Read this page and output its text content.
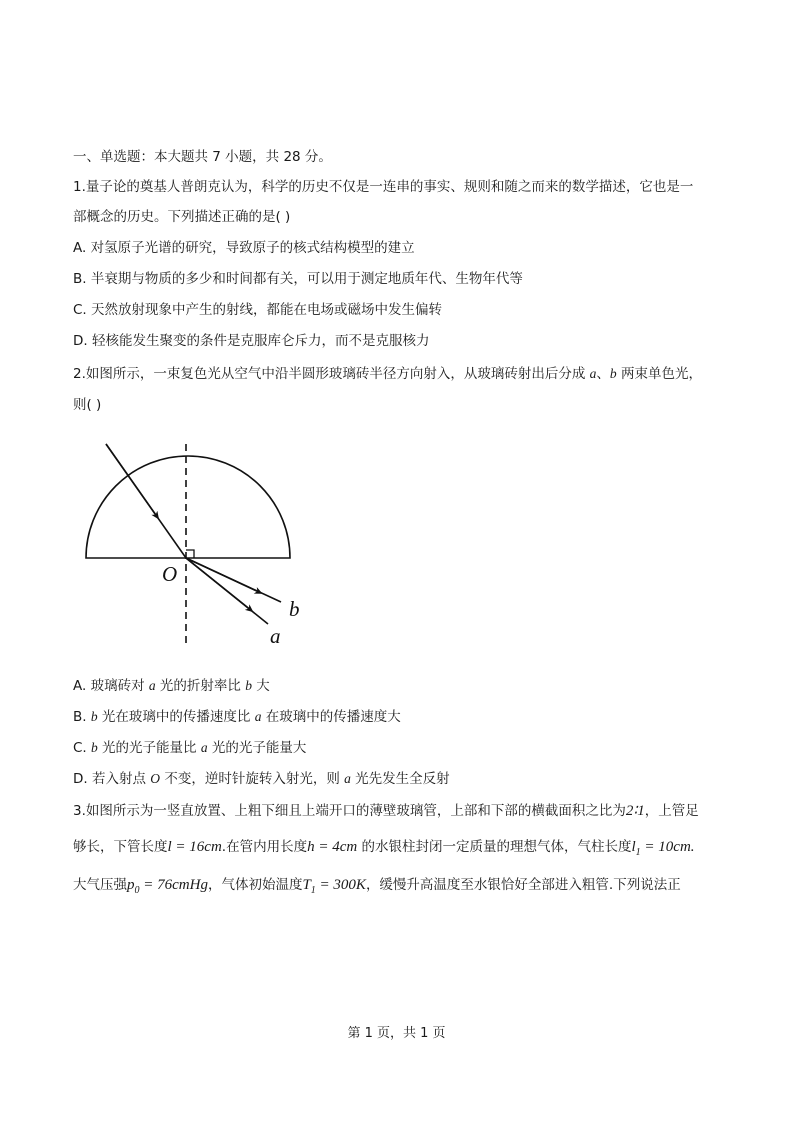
一、单选题：本大题共 7 小题，共 28 分。
1.量子论的奠基人普朗克认为，科学的历史不仅是一连串的事实、规则和随之而来的数学描述，它也是一
部概念的历史。下列描述正确的是( )
A. 对氢原子光谱的研究，导致原子的核式结构模型的建立
B. 半衰期与物质的多少和时间都有关，可以用于测定地质年代、生物年代等
C. 天然放射现象中产生的射线，都能在电场或磁场中发生偏转
D. 轻核能发生聚变的条件是克服库仑斥力，而不是克服核力
2.如图所示，一束复色光从空气中沿半圆形玻璃砖半径方向射入，从玻璃砖射出后分成 a、b 两束单色光，
则( )
O
b
a
A. 玻璃砖对 a 光的折射率比 b 大
B. b 光在玻璃中的传播速度比 a 在玻璃中的传播速度大
C. b 光的光子能量比 a 光的光子能量大
D. 若入射点 O 不变，逆时针旋转入射光，则 a 光先发生全反射
3.如图所示为一竖直放置、上粗下细且上端开口的薄壁玻璃管，上部和下部的横截面积之比为2∶1，上管足
够长，下管长度l = 16cm.在管内用长度h = 4cm 的水银柱封闭一定质量的理想气体，气柱长度$l_1 = 10cm$.
大气压强$p_0$ = 76cmHg，气体初始温度$T_1 = 300K$，缓慢升高温度至水银恰好全部进入粗管.下列说法正
第 1 页，共 1 页
